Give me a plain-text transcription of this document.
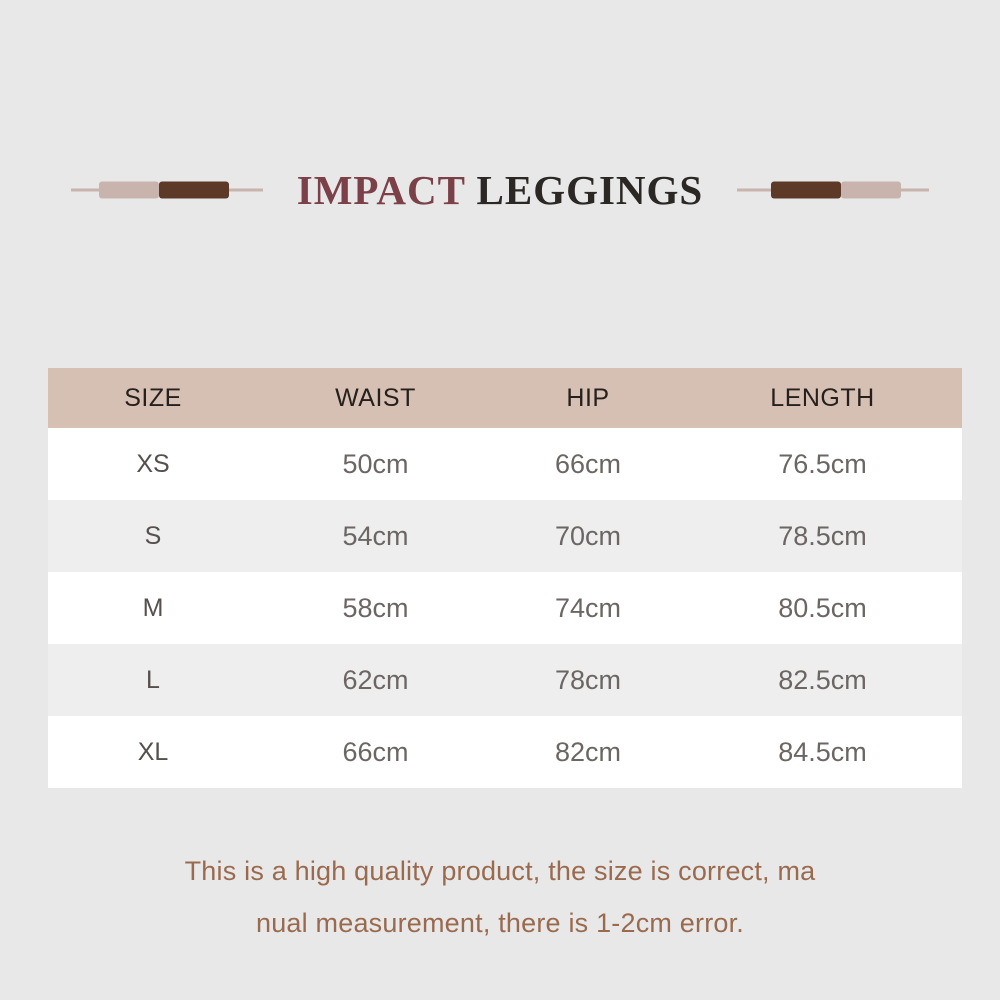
IMPACT LEGGINGS
SIZE	WAIST	HIP	LENGTH
XS	50cm	66cm	76.5cm
S	54cm	70cm	78.5cm
M	58cm	74cm	80.5cm
L	62cm	78cm	82.5cm
XL	66cm	82cm	84.5cm
This is a high quality product, the size is correct, ma
nual measurement, there is 1-2cm error.
